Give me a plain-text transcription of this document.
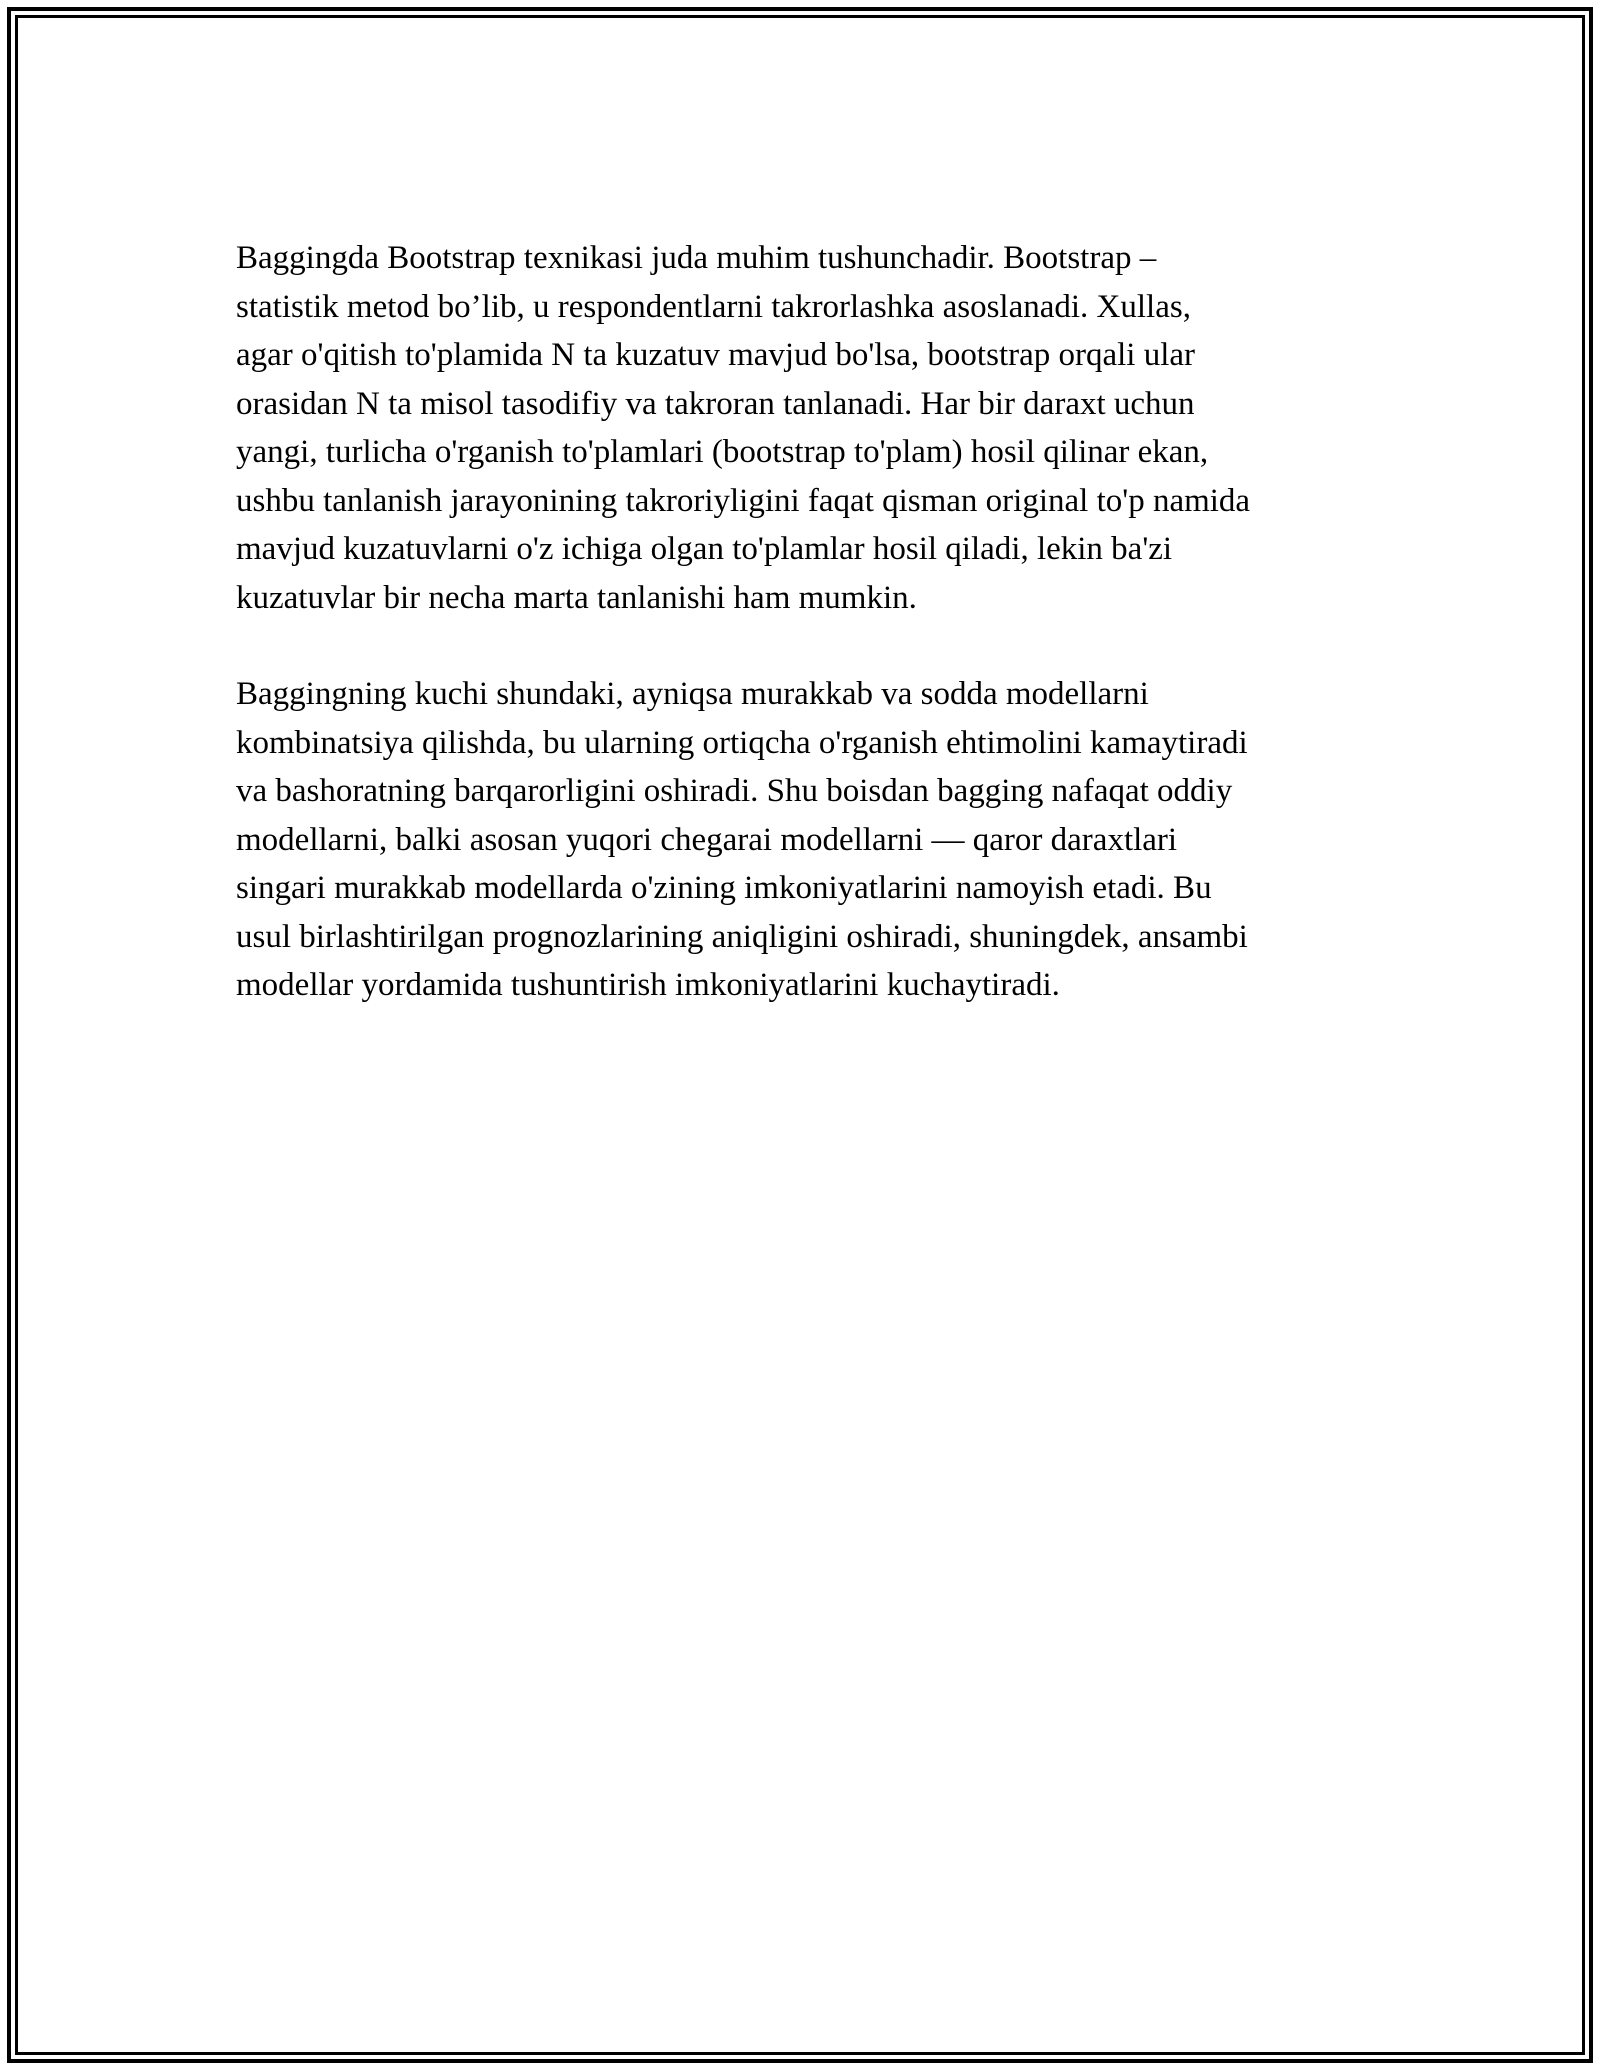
Baggingda Bootstrap texnikasi juda muhim tushunchadir. Bootstrap –
statistik metod bo’lib, u respondentlarni takrorlashka asoslanadi. Xullas,
agar o'qitish to'plamida N ta kuzatuv mavjud bo'lsa, bootstrap orqali ular
orasidan N ta misol tasodifiy va takroran tanlanadi. Har bir daraxt uchun
yangi, turlicha o'rganish to'plamlari (bootstrap to'plam) hosil qilinar ekan,
ushbu tanlanish jarayonining takroriyligini faqat qisman original to'p namida
mavjud kuzatuvlarni o'z ichiga olgan to'plamlar hosil qiladi, lekin ba'zi
kuzatuvlar bir necha marta tanlanishi ham mumkin.

Baggingning kuchi shundaki, ayniqsa murakkab va sodda modellarni
kombinatsiya qilishda, bu ularning ortiqcha o'rganish ehtimolini kamaytiradi
va bashoratning barqarorligini oshiradi. Shu boisdan bagging nafaqat oddiy
modellarni, balki asosan yuqori chegarai modellarni — qaror daraxtlari
singari murakkab modellarda o'zining imkoniyatlarini namoyish etadi. Bu
usul birlashtirilgan prognozlarining aniqligini oshiradi, shuningdek, ansambi
modellar yordamida tushuntirish imkoniyatlarini kuchaytiradi.
